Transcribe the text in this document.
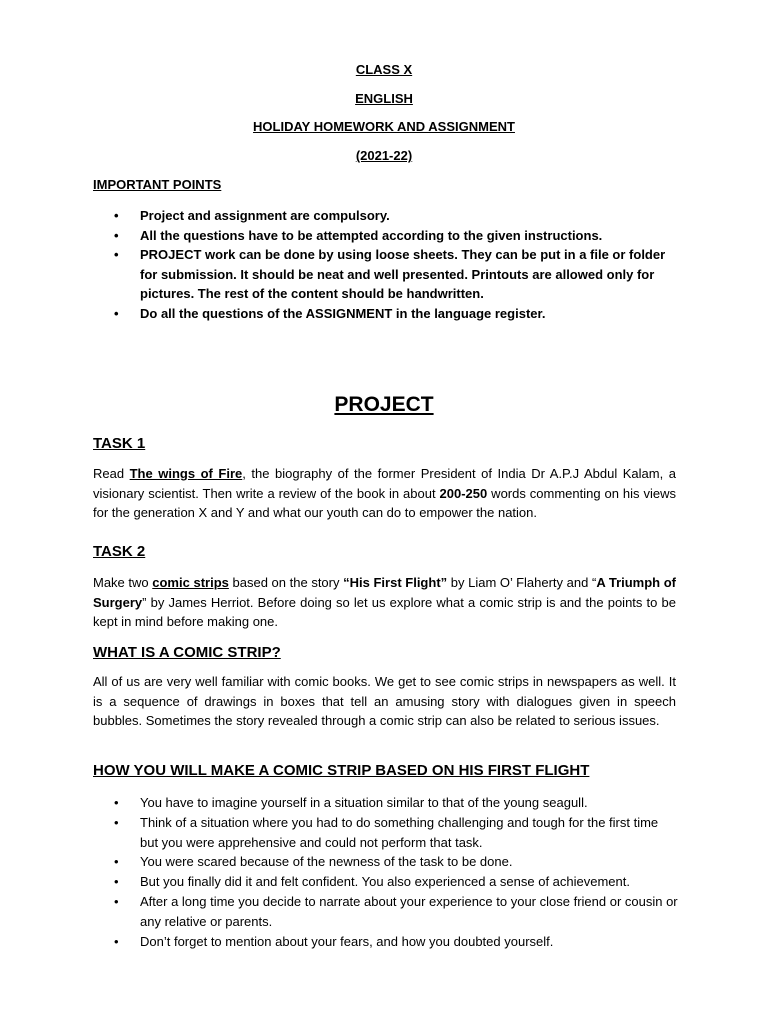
CLASS X
ENGLISH
HOLIDAY HOMEWORK AND ASSIGNMENT
(2021-22)
IMPORTANT POINTS
• Project and assignment are compulsory.
• All the questions have to be attempted according to the given instructions.
• PROJECT work can be done by using loose sheets. They can be put in a file or folder for submission. It should be neat and well presented. Printouts are allowed only for pictures. The rest of the content should be handwritten.
• Do all the questions of the ASSIGNMENT in the language register.
PROJECT
TASK 1
Read The wings of Fire, the biography of the former President of India Dr A.P.J Abdul Kalam, a visionary scientist. Then write a review of the book in about 200-250 words commenting on his views for the generation X and Y and what our youth can do to empower the nation.
TASK 2
Make two comic strips based on the story “His First Flight” by Liam O’ Flaherty and “A Triumph of Surgery” by James Herriot. Before doing so let us explore what a comic strip is and the points to be kept in mind before making one.
WHAT IS A COMIC STRIP?
All of us are very well familiar with comic books. We get to see comic strips in newspapers as well. It is a sequence of drawings in boxes that tell an amusing story with dialogues given in speech bubbles. Sometimes the story revealed through a comic strip can also be related to serious issues.
HOW YOU WILL MAKE A COMIC STRIP BASED ON HIS FIRST FLIGHT
• You have to imagine yourself in a situation similar to that of the young seagull.
• Think of a situation where you had to do something challenging and tough for the first time but you were apprehensive and could not perform that task.
• You were scared because of the newness of the task to be done.
• But you finally did it and felt confident. You also experienced a sense of achievement.
• After a long time you decide to narrate about your experience to your close friend or cousin or any relative or parents.
• Don’t forget to mention about your fears, and how you doubted yourself.
